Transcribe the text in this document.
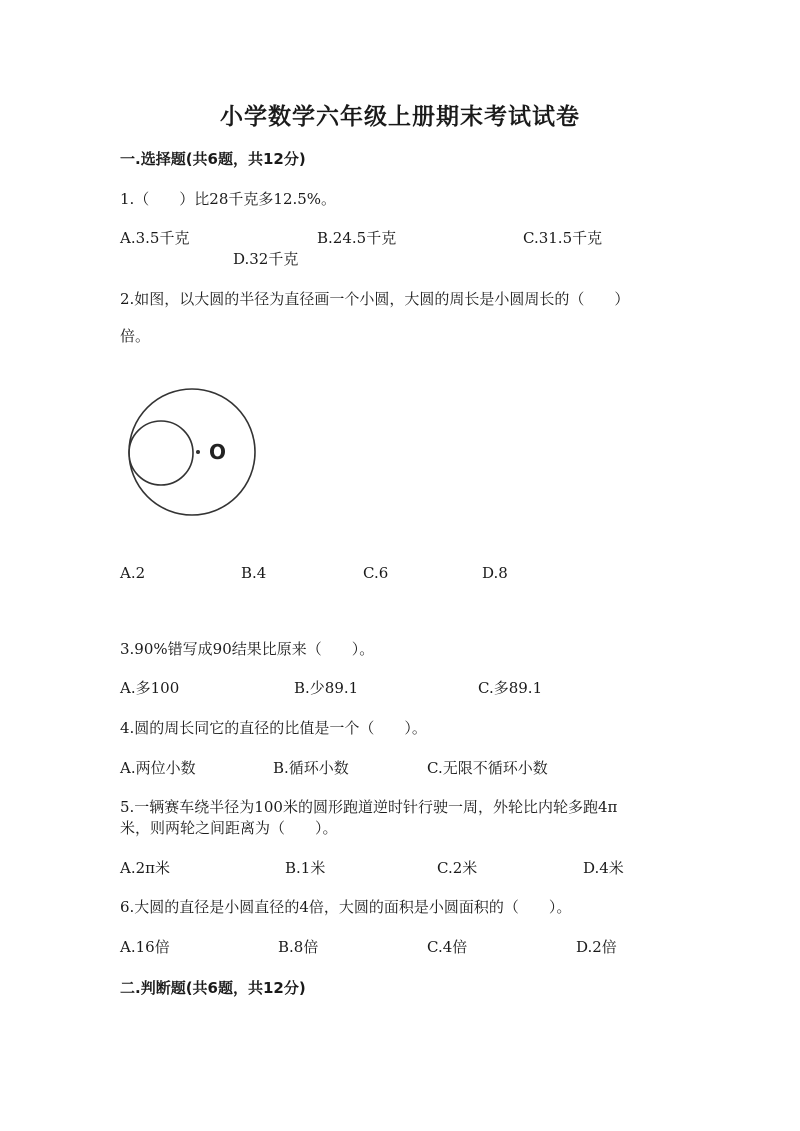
小学数学六年级上册期末考试试卷
一.选择题(共6题，共12分)
1.（　　）比28千克多12.5%。
A.3.5千克	B.24.5千克	C.31.5千克
D.32千克
2.如图，以大圆的半径为直径画一个小圆，大圆的周长是小圆周长的（　　）
倍。
O
A.2	B.4	C.6	D.8
3.90%错写成90结果比原来（　　）。
A.多100	B.少89.1	C.多89.1
4.圆的周长同它的直径的比值是一个（　　）。
A.两位小数	B.循环小数	C.无限不循环小数
5.一辆赛车绕半径为100米的圆形跑道逆时针行驶一周，外轮比内轮多跑4π
米，则两轮之间距离为（　　）。
A.2π米	B.1米	C.2米	D.4米
6.大圆的直径是小圆直径的4倍，大圆的面积是小圆面积的（　　）。
A.16倍	B.8倍	C.4倍	D.2倍
二.判断题(共6题，共12分)
